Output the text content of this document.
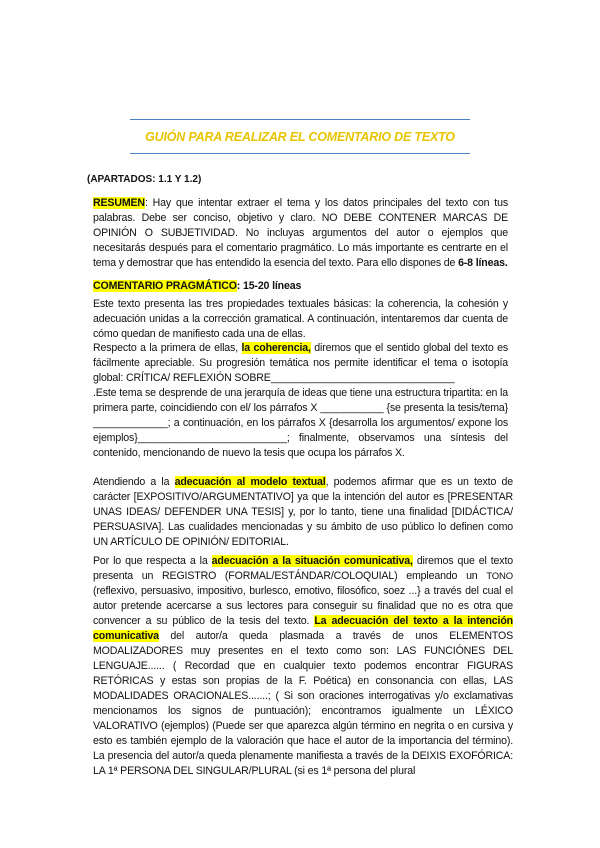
GUIÓN PARA REALIZAR EL COMENTARIO DE TEXTO
(APARTADOS: 1.1 Y 1.2)
RESUMEN: Hay que intentar extraer el tema y los datos principales del texto con tus palabras. Debe ser conciso, objetivo y claro. NO DEBE CONTENER MARCAS DE OPINIÓN O SUBJETIVIDAD. No incluyas argumentos del autor o ejemplos que necesitarás después para el comentario pragmático. Lo más importante es centrarte en el tema y demostrar que has entendido la esencia del texto. Para ello dispones de 6-8 líneas.
COMENTARIO PRAGMÁTICO: 15-20 líneas
Este texto presenta las tres propiedades textuales básicas: la coherencia, la cohesión y adecuación unidas a la corrección gramatical. A continuación, intentaremos dar cuenta de cómo quedan de manifiesto cada una de ellas.
Respecto a la primera de ellas, la coherencia, diremos que el sentido global del texto es fácilmente apreciable. Su progresión temática nos permite identificar el tema o isotopía global: CRÍTICA/ REFLEXIÓN SOBRE________________________________
.Este tema se desprende de una jerarquía de ideas que tiene una estructura tripartita: en la primera parte, coincidiendo con el/ los párrafos X ___________ {se presenta la tesis/tema} _____________; a continuación, en los párrafos X {desarrolla los argumentos/ expone los ejemplos}__________________________; finalmente, observamos una síntesis del contenido, mencionando de nuevo la tesis que ocupa los párrafos X.
Atendiendo a la adecuación al modelo textual, podemos afirmar que es un texto de carácter [EXPOSITIVO/ARGUMENTATIVO] ya que la intención del autor es [PRESENTAR UNAS IDEAS/ DEFENDER UNA TESIS] y, por lo tanto, tiene una finalidad [DIDÁCTICA/ PERSUASIVA]. Las cualidades mencionadas y su ámbito de uso público lo definen como UN ARTÍCULO DE OPINIÓN/ EDITORIAL.
Por lo que respecta a la adecuación a la situación comunicativa, diremos que el texto presenta un REGISTRO (FORMAL/ESTÁNDAR/COLOQUIAL) empleando un TONO (reflexivo, persuasivo, impositivo, burlesco, emotivo, filosófico, soez ...} a través del cual el autor pretende acercarse a sus lectores para conseguir su finalidad que no es otra que convencer a su público de la tesis del texto. La adecuación del texto a la intención comunicativa del autor/a queda plasmada a través de unos ELEMENTOS MODALIZADORES muy presentes en el texto como son: LAS FUNCIÓNES DEL LENGUAJE...... ( Recordad que en cualquier texto podemos encontrar FIGURAS RETÓRICAS y estas son propias de la F. Poética) en consonancia con ellas, LAS MODALIDADES ORACIONALES.......; ( Si son oraciones interrogativas y/o exclamativas mencionamos los signos de puntuación); encontramos igualmente un LÉXICO VALORATIVO (ejemplos) (Puede ser que aparezca algún término en negrita o en cursiva y esto es también ejemplo de la valoración que hace el autor de la importancia del término). La presencia del autor/a queda plenamente manifiesta a través de la DEIXIS EXOFÓRICA: LA 1ª PERSONA DEL SINGULAR/PLURAL (si es 1ª persona del plural
